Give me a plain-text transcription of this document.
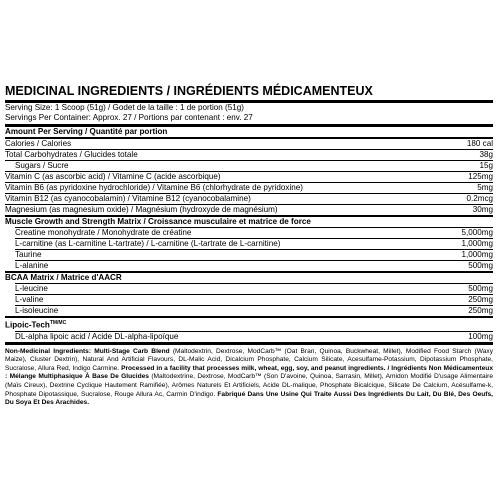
MEDICINAL INGREDIENTS / INGRÉDIENTS MÉDICAMENTEUX
Serving Size: 1 Scoop (51g) / Godet de la taille : 1 de portion (51g)
Servings Per Container: Approx. 27 / Portions par contenant : env. 27
Amount Per Serving / Quantité par portion
Calories / Calories	180 cal
Total Carbohydrates / Glucides totale	38g
Sugars / Sucre	15g
Vitamin C (as ascorbic acid) / Vitamine C (acide ascorbique)	125mg
Vitamin B6 (as pyridoxine hydrochloride) / Vitamine B6 (chlorhydrate de pyridoxine)	5mg
Vitamin B12 (as cyanocobalamin) / Vitamine B12 (cyanocobalamine)	0.2mcg
Magnesium (as magnesium oxide) / Magnésium (hydroxyde de magnésium)	30mg
Muscle Growth and Strength Matrix / Croissance musculaire et matrice de force
Creatine monohydrate / Monohydrate de créatine	5,000mg
L-carnitine (as L-carnitine L-tartrate) / L-carnitine (L-tartrate de L-carnitine)	1,000mg
Taurine	1,000mg
L-alanine	500mg
BCAA Matrix / Matrice d'AACR
L-leucine	500mg
L-valine	250mg
L-isoleucine	250mg
Lipoic-Tech$^{TM/MC}$
DL-alpha lipoic acid / Acide DL-alpha-lipoïque	100mg
Non-Medicinal Ingredients: Multi-Stage Carb Blend (Maltodextrin, Dextrose, ModCarb™ (Oat Bran, Quinoa, Buckwheat, Millet), Modified Food Starch (Waxy Maize), Cluster Dextrin), Natural And Artificial Flavours, DL-Malic Acid, Dicalcium Phosphate, Calcium Silicate, Acesulfame-Potassium, Dipotassium Phosphate, Sucralose, Allura Red, Indigo Carmine. Processed in a facility that processes milk, wheat, egg, soy, and peanut ingredients. / Ingrédients Non Médicamenteux : Mélange Multiphasique À Base De Glucides (Maltodextrine, Dextrose, ModCarb™ (Son D'avoine, Quinoa, Sarrasin, Millet), Amidon Modifié D'usage Alimentaire (Maïs Cireux), Dextrine Cyclique Hautement Ramifiée), Arômes Naturels Et Artificiels, Acide DL-malique, Phosphate Bicalcique, Silicate De Calcium, Acésulfame-k, Phosphate Dipotassique, Sucralose, Rouge Allura Ac, Carmin D'indigo. Fabriqué Dans Une Usine Qui Traite Aussi Des Ingrédients Du Lait, Du Blé, Des Oeufs, Du Soya Et Des Arachides.
